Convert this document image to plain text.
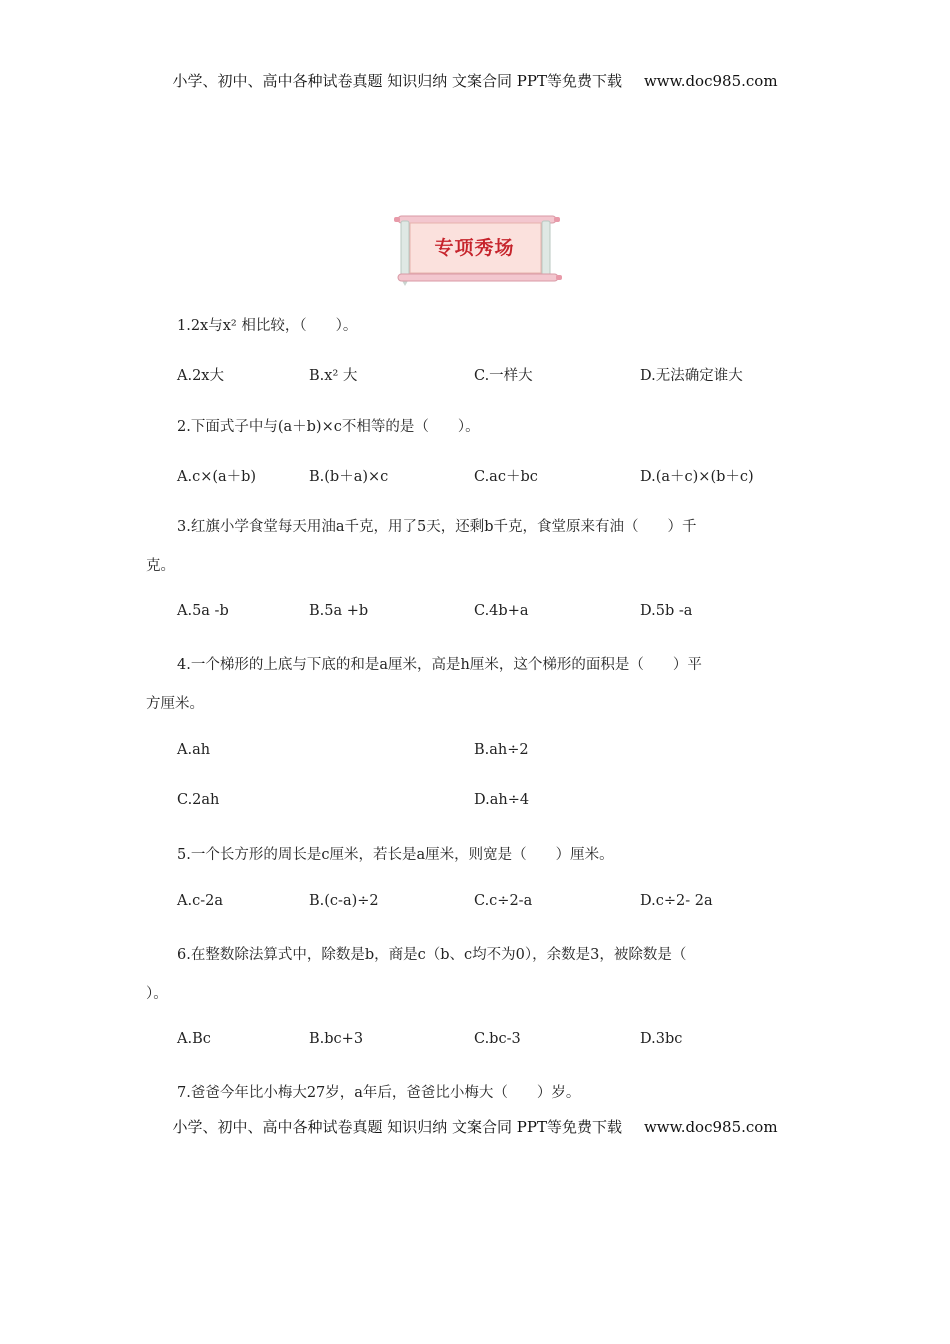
小学、初中、高中各种试卷真题 知识归纳 文案合同 PPT等免费下载 www.doc985.com
专项秀场
1.2x与x² 相比较，（　　）。
A.2x大	B.x² 大	C.一样大	D.无法确定谁大
2.下面式子中与(a＋b)×c不相等的是（　　）。
A.c×(a＋b)	B.(b＋a)×c	C.ac＋bc	D.(a＋c)×(b＋c)
3.红旗小学食堂每天用油a千克，用了5天，还剩b千克，食堂原来有油（　　）千
克。
A.5a -b	B.5a +b	C.4b+a	D.5b -a
4.一个梯形的上底与下底的和是a厘米，高是h厘米，这个梯形的面积是（　　）平
方厘米。
A.ah	B.ah÷2
C.2ah	D.ah÷4
5.一个长方形的周长是c厘米，若长是a厘米，则宽是（　　）厘米。
A.c-2a	B.(c-a)÷2	C.c÷2-a	D.c÷2- 2a
6.在整数除法算式中，除数是b，商是c（b、c均不为0），余数是3，被除数是（
）。
A.Bc	B.bc+3	C.bc-3	D.3bc
7.爸爸今年比小梅大27岁，a年后，爸爸比小梅大（　　）岁。
小学、初中、高中各种试卷真题 知识归纳 文案合同 PPT等免费下载 www.doc985.com
